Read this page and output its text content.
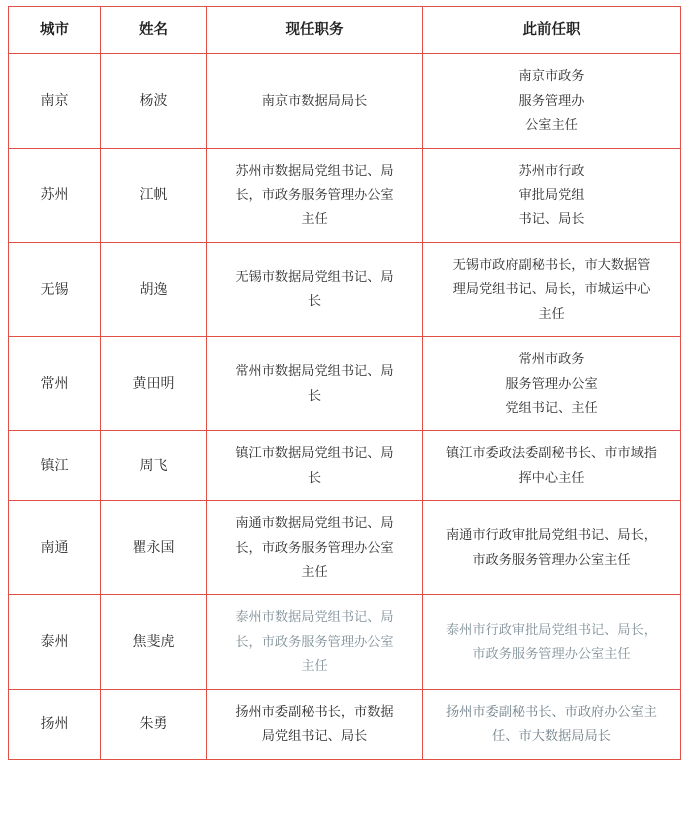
城市	姓名	现任职务	此前任职
南京	杨波	南京市数据局局长	南京市政务
服务管理办
公室主任

苏州	江帆	苏州市数据局党组书记、局
长，市政务服务管理办公室
主任	苏州市行政
审批局党组
书记、局长

无锡	胡逸	无锡市数据局党组书记、局
长	无锡市政府副秘书长，市大数据管
理局党组书记、局长，市城运中心
主任

常州	黄田明	常州市数据局党组书记、局
长	常州市政务
服务管理办公室
党组书记、主任

镇江	周飞	镇江市数据局党组书记、局
长	镇江市委政法委副秘书长、市市域指
挥中心主任

南通	瞿永国	南通市数据局党组书记、局
长，市政务服务管理办公室
主任	南通市行政审批局党组书记、局长，
市政务服务管理办公室主任

泰州	焦斐虎	泰州市数据局党组书记、局
长，市政务服务管理办公室
主任	泰州市行政审批局党组书记、局长，
市政务服务管理办公室主任

扬州	朱勇	扬州市委副秘书长，市数据
局党组书记、局长	扬州市委副秘书长、市政府办公室主
任、市大数据局局长
